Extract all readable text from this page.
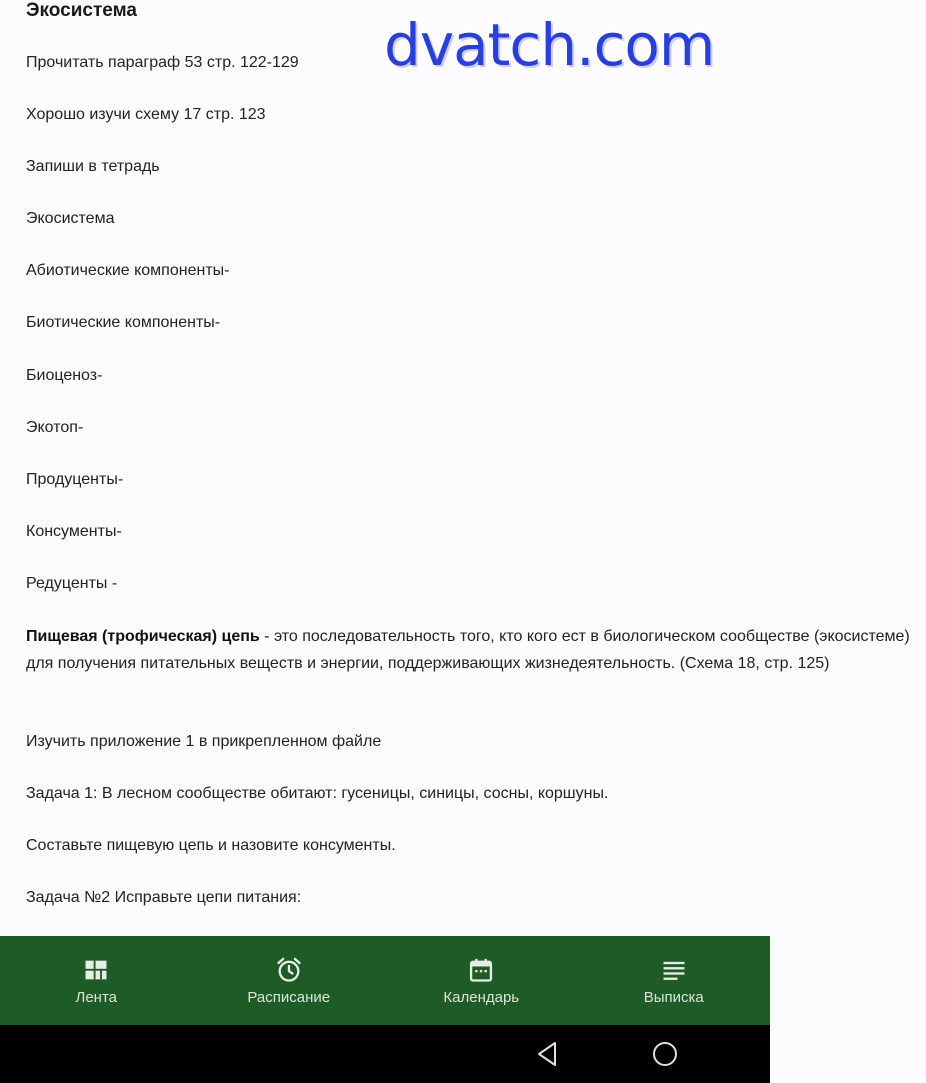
Экосистема
Прочитать параграф 53 стр. 122-129
Хорошо изучи схему 17 стр. 123
Запиши в тетрадь
Экосистема
Абиотические компоненты-
Биотические компоненты-
Биоценоз-
Экотоп-
Продуценты-
Консументы-
Редуценты -
Пищевая (трофическая) цепь - это последовательность того, кто кого ест в биологическом сообществе (экосистеме) для получения питательных веществ и энергии, поддерживающих жизнедеятельность. (Схема 18, стр. 125)
Изучить приложение 1 в прикрепленном файле
Задача 1: В лесном сообществе обитают: гусеницы, синицы, сосны, коршуны.
Составьте пищевую цепь и назовите консументы.
Задача №2 Исправьте цепи питания:
dvatch.com
Лента	Расписание	Календарь	Выписка
